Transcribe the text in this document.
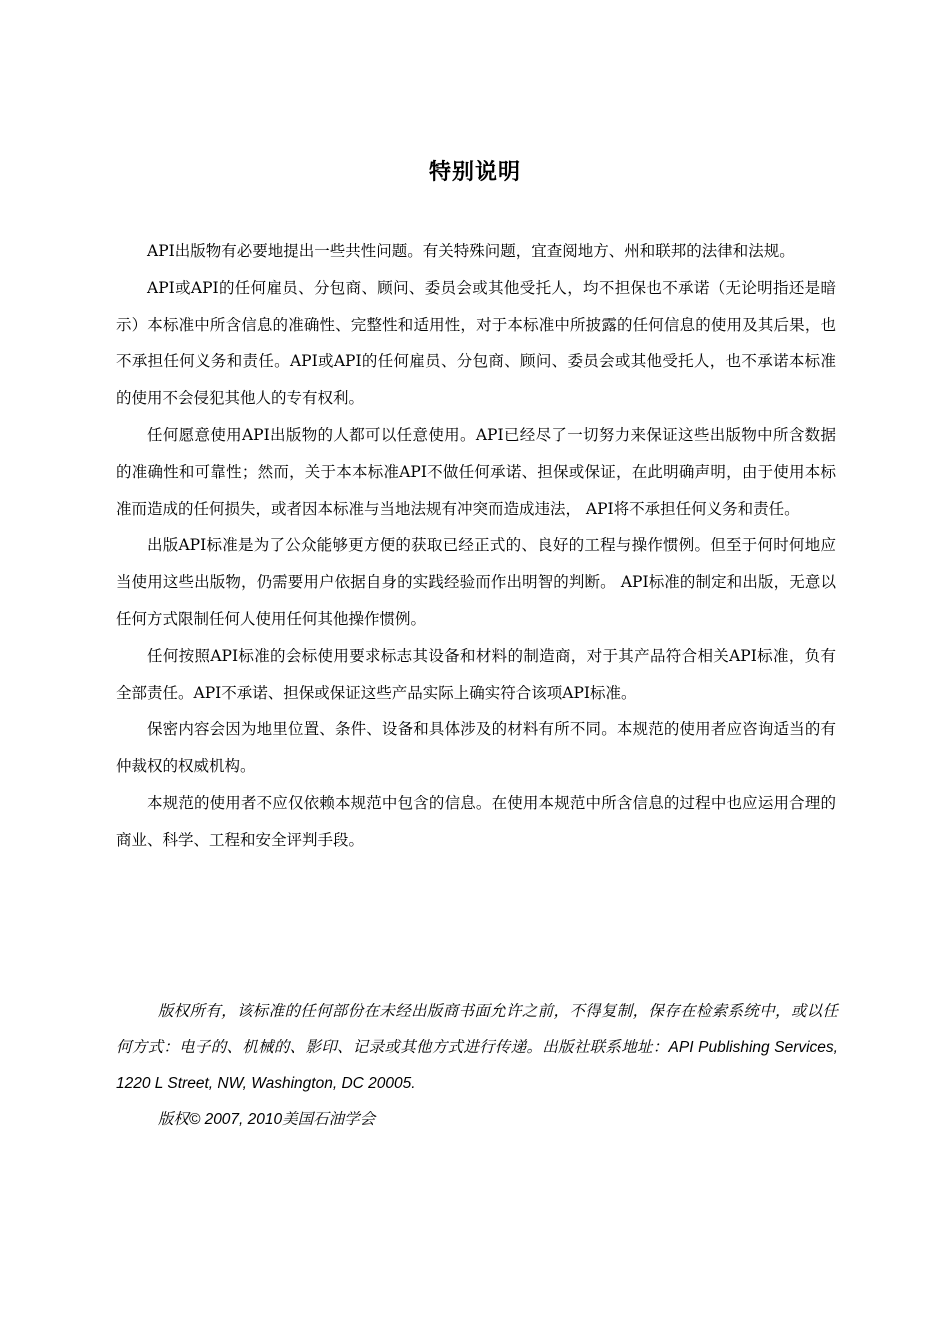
特别说明

API出版物有必要地提出一些共性问题。有关特殊问题，宜查阅地方、州和联邦的法律和法规。

API或API的任何雇员、分包商、顾问、委员会或其他受托人，均不担保也不承诺（无论明指还是暗示）本标准中所含信息的准确性、完整性和适用性，对于本标准中所披露的任何信息的使用及其后果，也不承担任何义务和责任。API或API的任何雇员、分包商、顾问、委员会或其他受托人，也不承诺本标准的使用不会侵犯其他人的专有权利。

任何愿意使用API出版物的人都可以任意使用。API已经尽了一切努力来保证这些出版物中所含数据的准确性和可靠性；然而，关于本本标准API不做任何承诺、担保或保证，在此明确声明，由于使用本标准而造成的任何损失，或者因本标准与当地法规有冲突而造成违法， API将不承担任何义务和责任。

出版API标准是为了公众能够更方便的获取已经正式的、良好的工程与操作惯例。但至于何时何地应当使用这些出版物，仍需要用户依据自身的实践经验而作出明智的判断。 API标准的制定和出版，无意以任何方式限制任何人使用任何其他操作惯例。

任何按照API标准的会标使用要求标志其设备和材料的制造商，对于其产品符合相关API标准，负有全部责任。API不承诺、担保或保证这些产品实际上确实符合该项API标准。

保密内容会因为地里位置、条件、设备和具体涉及的材料有所不同。本规范的使用者应咨询适当的有仲裁权的权威机构。

本规范的使用者不应仅依赖本规范中包含的信息。在使用本规范中所含信息的过程中也应运用合理的商业、科学、工程和安全评判手段。

版权所有，该标准的任何部份在未经出版商书面允许之前，不得复制，保存在检索系统中，或以任何方式：电子的、机械的、影印、记录或其他方式进行传递。出版社联系地址：API Publishing Services, 1220 L Street, NW, Washington, DC 20005.

版权© 2007, 2010美国石油学会
